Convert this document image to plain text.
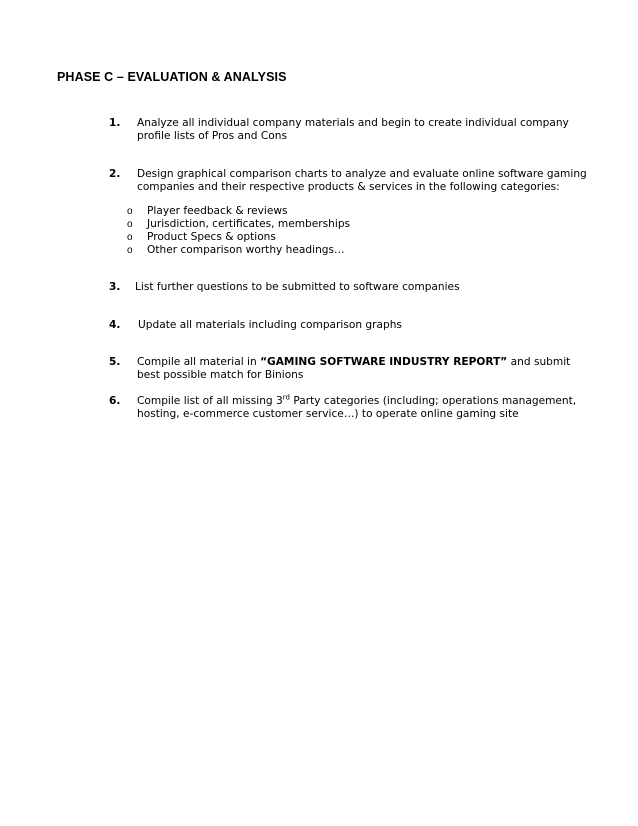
PHASE C – EVALUATION & ANALYSIS
1. Analyze all individual company materials and begin to create individual company
profile lists of Pros and Cons
2. Design graphical comparison charts to analyze and evaluate online software gaming
companies and their respective products & services in the following categories:
o Player feedback & reviews
o Jurisdiction, certificates, memberships
o Product Specs & options
o Other comparison worthy headings…
3. List further questions to be submitted to software companies
4. Update all materials including comparison graphs
5. Compile all material in “GAMING SOFTWARE INDUSTRY REPORT” and submit
best possible match for Binions
6. Compile list of all missing 3rd Party categories (including; operations management,
hosting, e-commerce customer service…) to operate online gaming site
